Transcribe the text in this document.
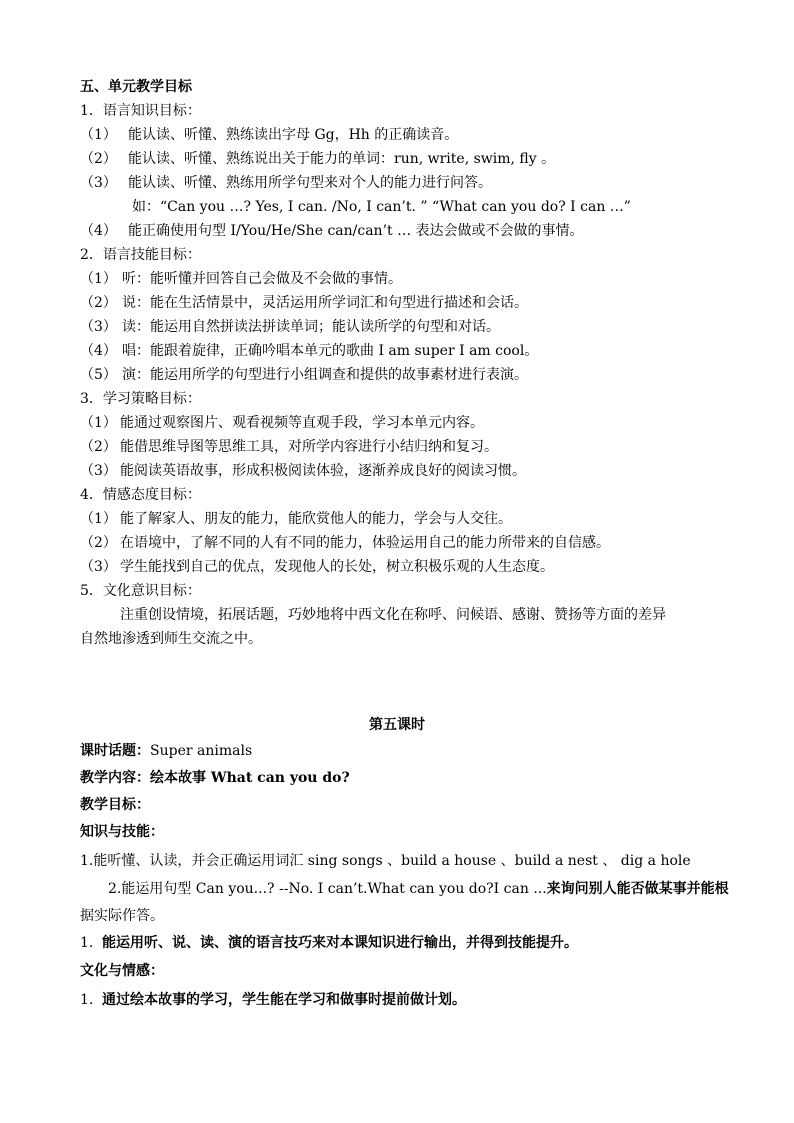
五、单元教学目标
1．语言知识目标：
（1） 能认读、听懂、熟练读出字母 Gg，Hh 的正确读音。
（2） 能认读、听懂、熟练说出关于能力的单词：run, write, swim, fly 。
（3） 能认读、听懂、熟练用所学句型来对个人的能力进行问答。
如：“Can you …? Yes, I can. /No, I can’t. ” “What can you do? I can …”
（4） 能正确使用句型 I/You/He/She can/can’t … 表达会做或不会做的事情。
2．语言技能目标：
（1） 听：能听懂并回答自己会做及不会做的事情。
（2） 说：能在生活情景中，灵活运用所学词汇和句型进行描述和会话。
（3） 读：能运用自然拼读法拼读单词；能认读所学的句型和对话。
（4） 唱：能跟着旋律，正确吟唱本单元的歌曲 I am super I am cool。
（5） 演：能运用所学的句型进行小组调查和提供的故事素材进行表演。
3．学习策略目标：
（1） 能通过观察图片、观看视频等直观手段，学习本单元内容。
（2） 能借思维导图等思维工具，对所学内容进行小结归纳和复习。
（3） 能阅读英语故事，形成积极阅读体验，逐渐养成良好的阅读习惯。
4．情感态度目标：
（1） 能了解家人、朋友的能力，能欣赏他人的能力，学会与人交往。
（2） 在语境中，了解不同的人有不同的能力，体验运用自己的能力所带来的自信感。
（3） 学生能找到自己的优点，发现他人的长处，树立积极乐观的人生态度。
5．文化意识目标：
注重创设情境，拓展话题，巧妙地将中西文化在称呼、问候语、感谢、赞扬等方面的差异
自然地渗透到师生交流之中。
第五课时
课时话题：Super animals
教学内容：绘本故事 What can you do?
教学目标：
知识与技能：
1.能听懂、认读，并会正确运用词汇 sing songs 、build a house 、build a nest 、 dig a hole
2.能运用句型 Can you...? --No. I can’t.What can you do?I can ...来询问别人能否做某事并能根
据实际作答。
1. 能运用听、说、读、演的语言技巧来对本课知识进行输出，并得到技能提升。
文化与情感：
1. 通过绘本故事的学习，学生能在学习和做事时提前做计划。
